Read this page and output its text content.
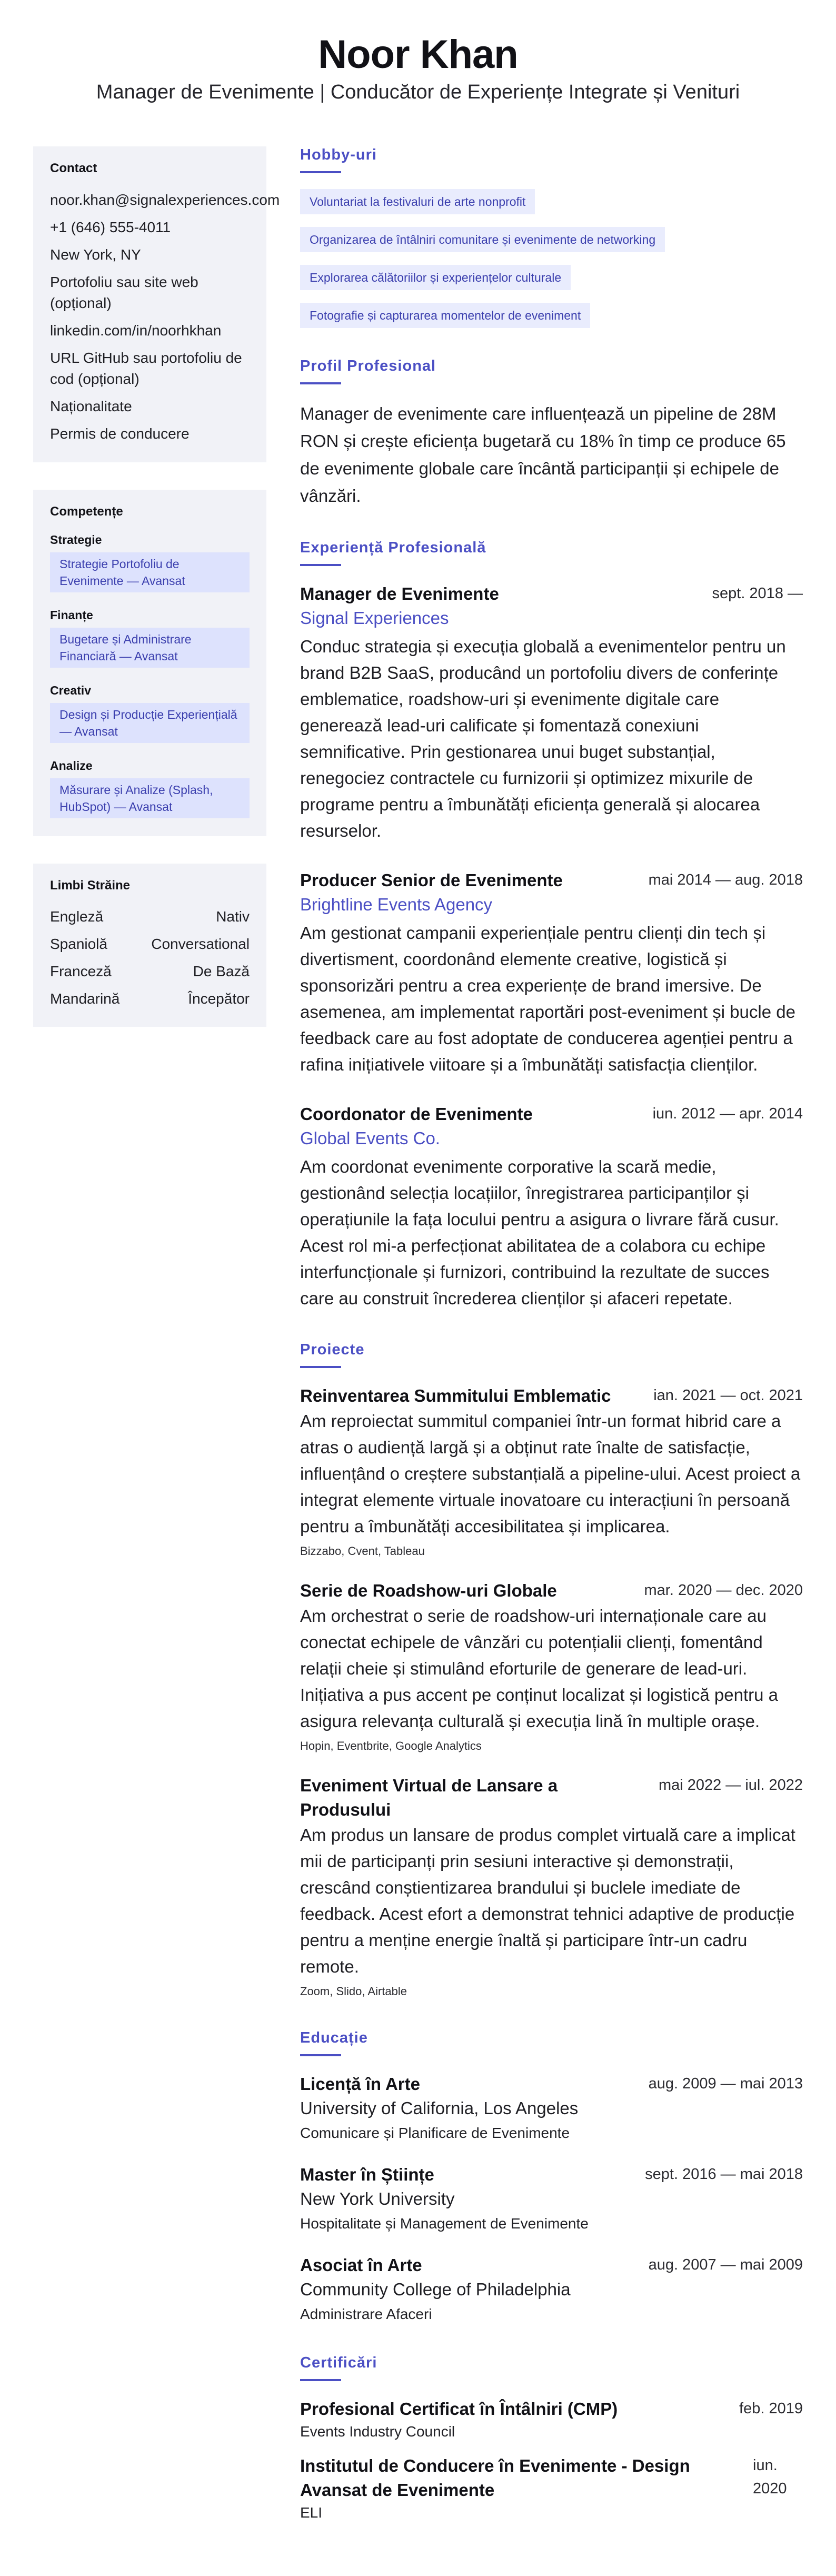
Noor Khan
Manager de Evenimente | Conducător de Experiențe Integrate și Venituri
Contact
noor.khan@signalexperiences.com
+1 (646) 555-4011
New York, NY
Portofoliu sau site web (opțional)
linkedin.com/in/noorhkhan
URL GitHub sau portofoliu de cod (opțional)
Naționalitate
Permis de conducere
Competențe
Strategie
Strategie Portofoliu de Evenimente — Avansat
Finanțe
Bugetare și Administrare Financiară — Avansat
Creativ
Design și Producție Experiențială — Avansat
Analize
Măsurare și Analize (Splash, HubSpot) — Avansat
Limbi Străine
Engleză	Nativ
Spaniolă	Conversational
Franceză	De Bază
Mandarină	Începător
Hobby-uri
Voluntariat la festivaluri de arte nonprofit
Organizarea de întâlniri comunitare și evenimente de networking
Explorarea călătoriilor și experiențelor culturale
Fotografie și capturarea momentelor de eveniment
Profil Profesional

Manager de evenimente care influențează un pipeline de 28M RON și crește eficiența bugetară cu 18% în timp ce produce 65 de evenimente globale care încântă participanții și echipele de vânzări.

Experiență Profesională
Manager de Evenimente	sept. 2018 —
Signal Experiences

Conduc strategia și execuția globală a evenimentelor pentru un brand B2B SaaS, producând un portofoliu divers de conferințe emblematice, roadshow-uri și evenimente digitale care generează lead-uri calificate și fomentază conexiuni semnificative. Prin gestionarea unui buget substanțial, renegociez contractele cu furnizorii și optimizez mixurile de programe pentru a îmbunătăți eficiența generală și alocarea resurselor.

Producer Senior de Evenimente	mai 2014 — aug. 2018
Brightline Events Agency

Am gestionat campanii experiențiale pentru clienți din tech și divertisment, coordonând elemente creative, logistică și sponsorizări pentru a crea experiențe de brand imersive. De asemenea, am implementat raportări post-eveniment și bucle de feedback care au fost adoptate de conducerea agenției pentru a rafina inițiativele viitoare și a îmbunătăți satisfacția clienților.

Coordonator de Evenimente	iun. 2012 — apr. 2014
Global Events Co.

Am coordonat evenimente corporative la scară medie, gestionând selecția locațiilor, înregistrarea participanților și operațiunile la fața locului pentru a asigura o livrare fără cusur. Acest rol mi-a perfecționat abilitatea de a colabora cu echipe interfuncționale și furnizori, contribuind la rezultate de succes care au construit încrederea clienților și afaceri repetate.

Proiecte
Reinventarea Summitului Emblematic	ian. 2021 — oct. 2021

Am reproiectat summitul companiei într-un format hibrid care a atras o audiență largă și a obținut rate înalte de satisfacție, influențând o creștere substanțială a pipeline-ului. Acest proiect a integrat elemente virtuale inovatoare cu interacțiuni în persoană pentru a îmbunătăți accesibilitatea și implicarea.

Bizzabo, Cvent, Tableau
Serie de Roadshow-uri Globale	mar. 2020 — dec. 2020

Am orchestrat o serie de roadshow-uri internaționale care au conectat echipele de vânzări cu potențialii clienți, fomentând relații cheie și stimulând eforturile de generare de lead-uri. Inițiativa a pus accent pe conținut localizat și logistică pentru a asigura relevanța culturală și execuția lină în multiple orașe.

Hopin, Eventbrite, Google Analytics
Eveniment Virtual de Lansare a Produsului
mai 2022 — iul. 2022

Am produs un lansare de produs complet virtuală care a implicat mii de participanți prin sesiuni interactive și demonstrații, crescând conștientizarea brandului și buclele imediate de feedback. Acest efort a demonstrat tehnici adaptive de producție pentru a menține energie înaltă și participare într-un cadru remote.

Zoom, Slido, Airtable
Educație
Licență în Arte	aug. 2009 — mai 2013
University of California, Los Angeles
Comunicare și Planificare de Evenimente
Master în Științe	sept. 2016 — mai 2018
New York University
Hospitalitate și Management de Evenimente
Asociat în Arte	aug. 2007 — mai 2009
Community College of Philadelphia
Administrare Afaceri
Certificări
Profesional Certificat în Întâlniri (CMP)	feb. 2019
Events Industry Council
Institutul de Conducere în Evenimente - Design Avansat de Evenimente
iun. 2020
ELI
